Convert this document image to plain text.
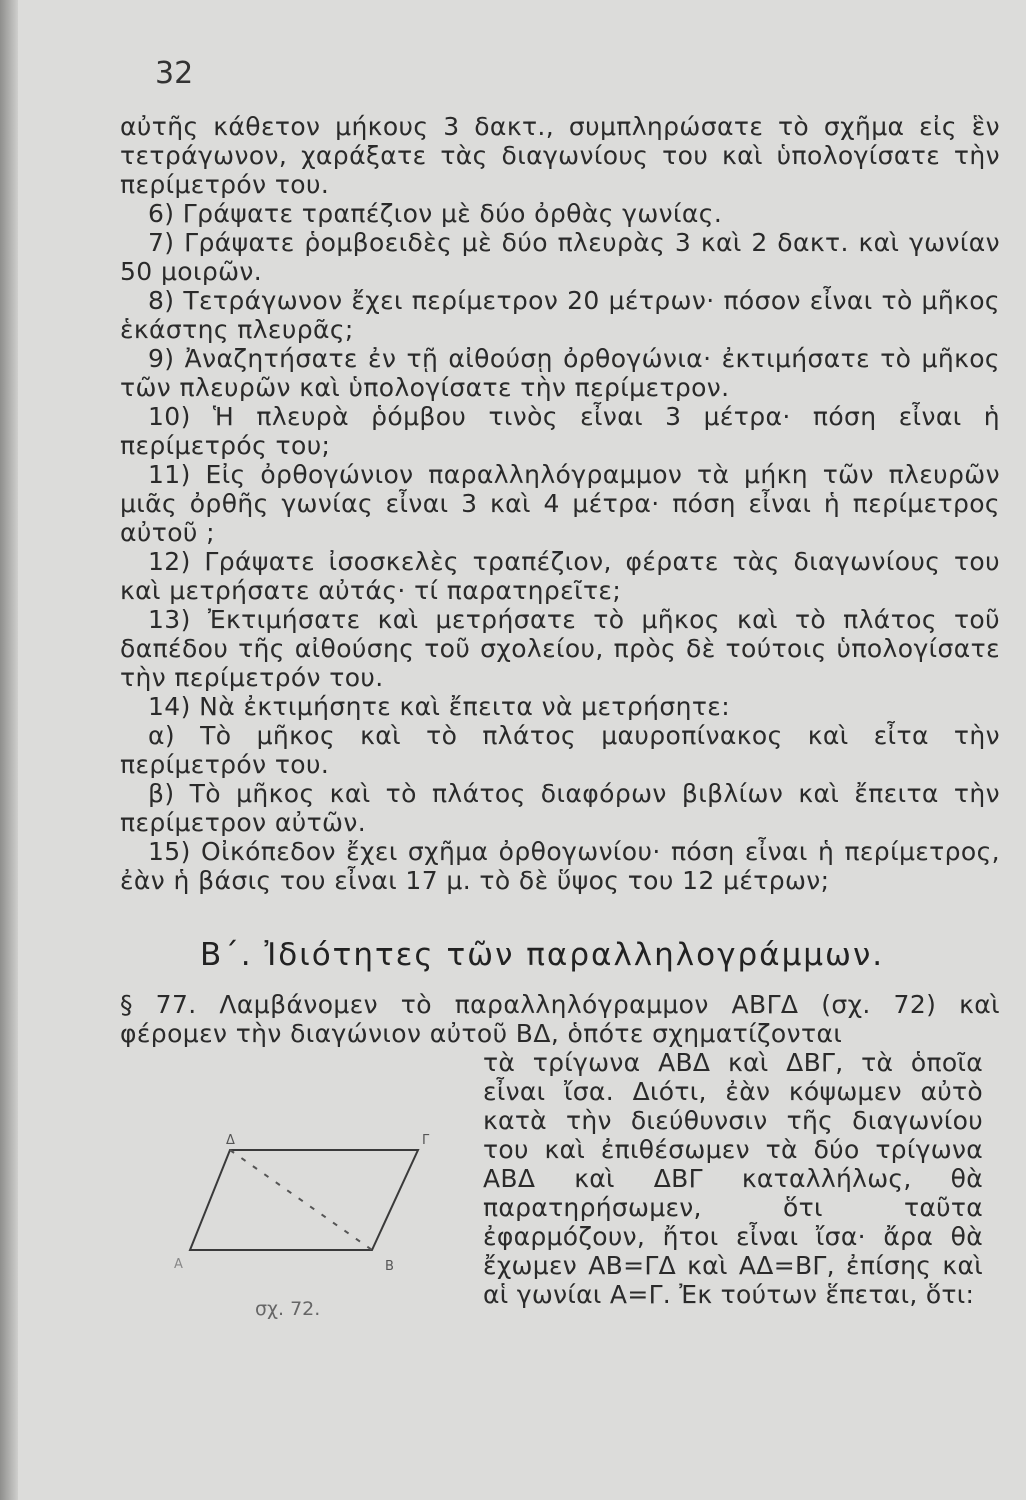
32

αὐτῆς κάθετον μήκους 3 δακτ., συμπληρώσατε τὸ σχῆμα εἰς ἓν τετράγωνον, χαράξατε τὰς διαγωνίους του καὶ ὑπολογίσατε τὴν περίμετρόν του.

6) Γράψατε τραπέζιον μὲ δύο ὀρθὰς γωνίας.

7) Γράψατε ῥομβοειδὲς μὲ δύο πλευρὰς 3 καὶ 2 δακτ. καὶ γωνίαν 50 μοιρῶν.

8) Τετράγωνον ἔχει περίμετρον 20 μέτρων· πόσον εἶναι τὸ μῆκος ἑκάστης πλευρᾶς;

9) Ἀναζητήσατε ἐν τῇ αἰθούσῃ ὀρθογώνια· ἐκτιμήσατε τὸ μῆκος τῶν πλευρῶν καὶ ὑπολογίσατε τὴν περίμετρον.

10) Ἡ πλευρὰ ῥόμβου τινὸς εἶναι 3 μέτρα· πόση εἶναι ἡ περίμετρός του;

11) Εἰς ὀρθογώνιον παραλληλόγραμμον τὰ μήκη τῶν πλευρῶν μιᾶς ὀρθῆς γωνίας εἶναι 3 καὶ 4 μέτρα· πόση εἶναι ἡ περίμετρος αὐτοῦ ;

12) Γράψατε ἰσοσκελὲς τραπέζιον, φέρατε τὰς διαγωνίους του καὶ μετρήσατε αὐτάς· τί παρατηρεῖτε;

13) Ἐκτιμήσατε καὶ μετρήσατε τὸ μῆκος καὶ τὸ πλάτος τοῦ δαπέδου τῆς αἰθούσης τοῦ σχολείου, πρὸς δὲ τούτοις ὑπολογίσατε τὴν περίμετρόν του.

14) Νὰ ἐκτιμήσητε καὶ ἔπειτα νὰ μετρήσητε:

α) Τὸ μῆκος καὶ τὸ πλάτος μαυροπίνακος καὶ εἶτα τὴν περίμετρόν του.

β) Τὸ μῆκος καὶ τὸ πλάτος διαφόρων βιβλίων καὶ ἔπειτα τὴν περίμετρον αὐτῶν.

15) Οἰκόπεδον ἔχει σχῆμα ὀρθογωνίου· πόση εἶναι ἡ περίμετρος, ἐὰν ἡ βάσις του εἶναι 17 μ. τὸ δὲ ὕψος του 12 μέτρων;

Β΄. Ἰδιότητες τῶν παραλληλογράμμων.

§ 77. Λαμβάνομεν τὸ παραλληλόγραμμον ΑΒΓΔ (σχ. 72) καὶ φέρομεν τὴν διαγώνιον αὐτοῦ ΒΔ, ὁπότε σχηματίζονται

τὰ τρίγωνα ΑΒΔ καὶ ΔΒΓ, τὰ ὁποῖα εἶναι ἴσα. Διότι, ἐὰν κόψωμεν αὐτὸ κατὰ τὴν διεύθυνσιν τῆς διαγωνίου του καὶ ἐπιθέσωμεν τὰ δύο τρίγωνα ΑΒΔ καὶ ΔΒΓ καταλλήλως, θὰ παρατηρήσωμεν, ὅτι ταῦτα ἐφαρμόζουν, ἤτοι εἶναι ἴσα· ἄρα θὰ ἔχωμεν ΑΒ=ΓΔ καὶ ΑΔ=ΒΓ, ἐπίσης καὶ αἱ γωνίαι Α=Γ. Ἐκ τούτων ἕπεται, ὅτι:

Δ	Γ
Α	Β
σχ. 72.
